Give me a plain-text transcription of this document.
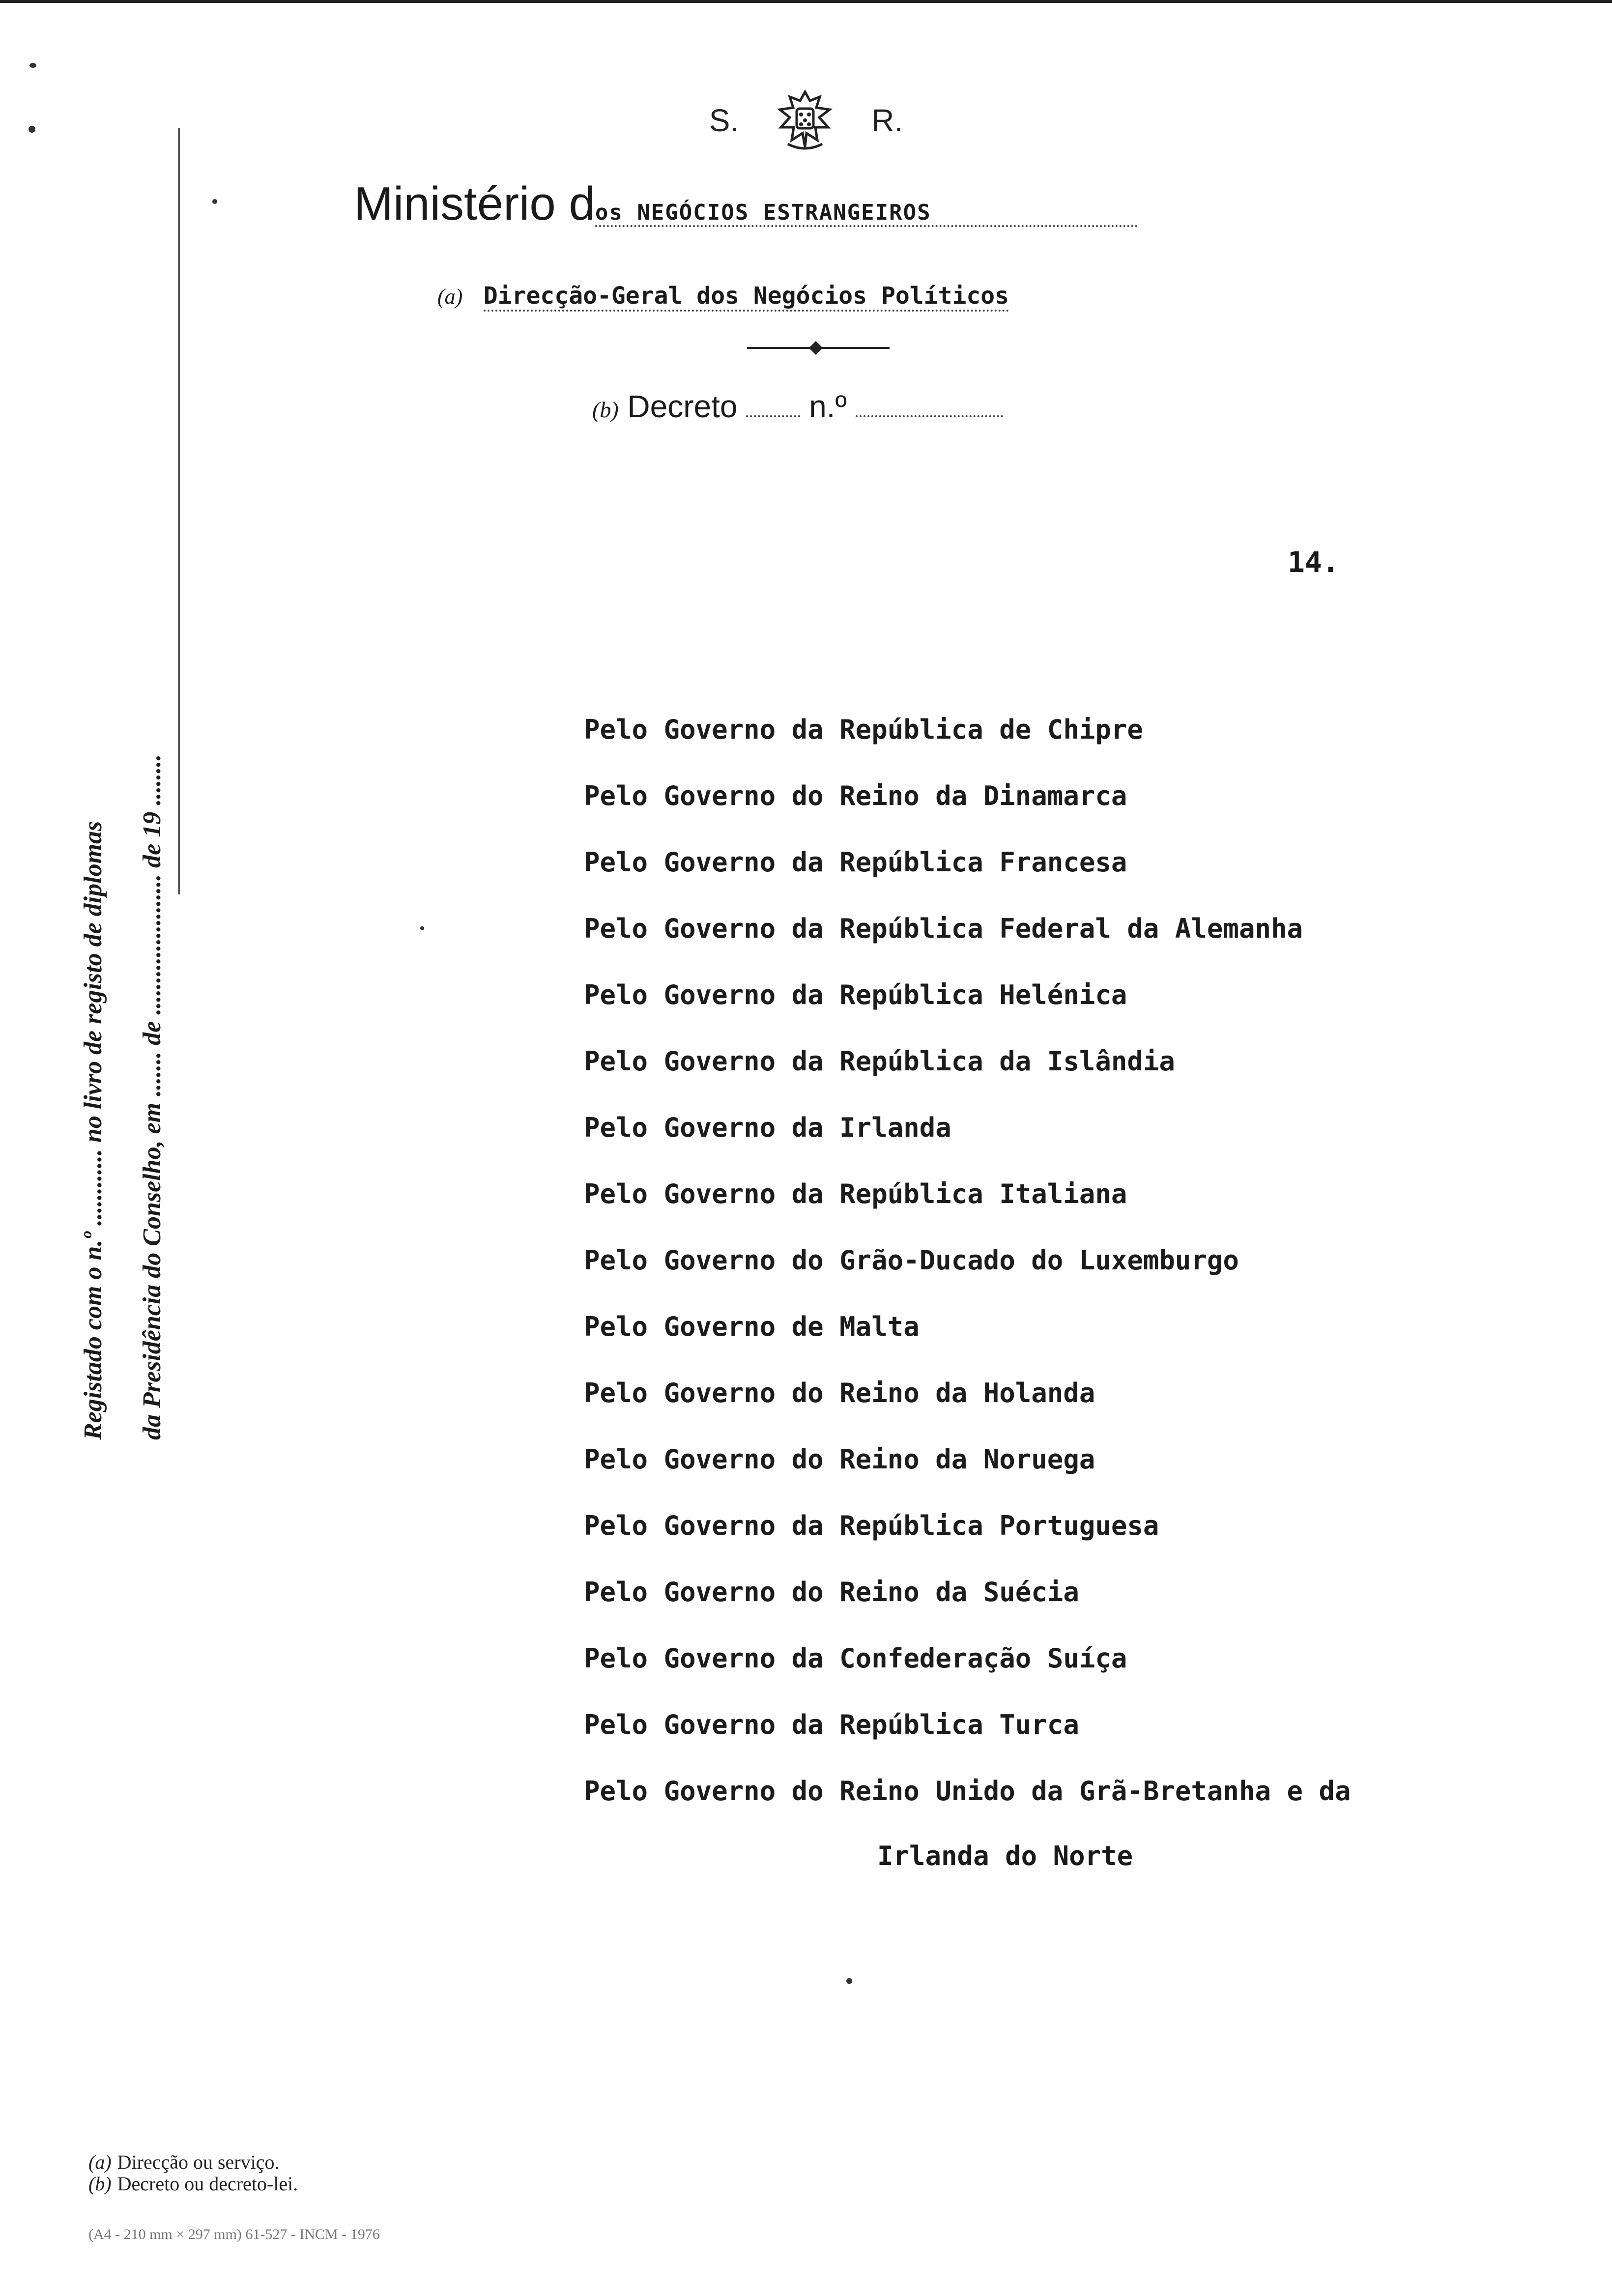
S.	R.
Ministério dos NEGÓCIOS ESTRANGEIROS
(a) Direcção-Geral dos Negócios Políticos
(b) Decreto n.º
Registado com o n.º ............ no livro de registo de diplomas da Presidência do Conselho, em ....... de ...................... de 19 ........
14.
Pelo Governo da República de Chipre
Pelo Governo do Reino da Dinamarca
Pelo Governo da República Francesa
Pelo Governo da República Federal da Alemanha
Pelo Governo da República Helénica
Pelo Governo da República da Islândia
Pelo Governo da Irlanda
Pelo Governo da República Italiana
Pelo Governo do Grão-Ducado do Luxemburgo
Pelo Governo de Malta
Pelo Governo do Reino da Holanda
Pelo Governo do Reino da Noruega
Pelo Governo da República Portuguesa
Pelo Governo do Reino da Suécia
Pelo Governo da Confederação Suíça
Pelo Governo da República Turca
Pelo Governo do Reino Unido da Grã-Bretanha e da
Irlanda do Norte
(a) Direcção ou serviço.
(b) Decreto ou decreto-lei.
(A4 - 210 mm × 297 mm) 61-527 - INCM - 1976
